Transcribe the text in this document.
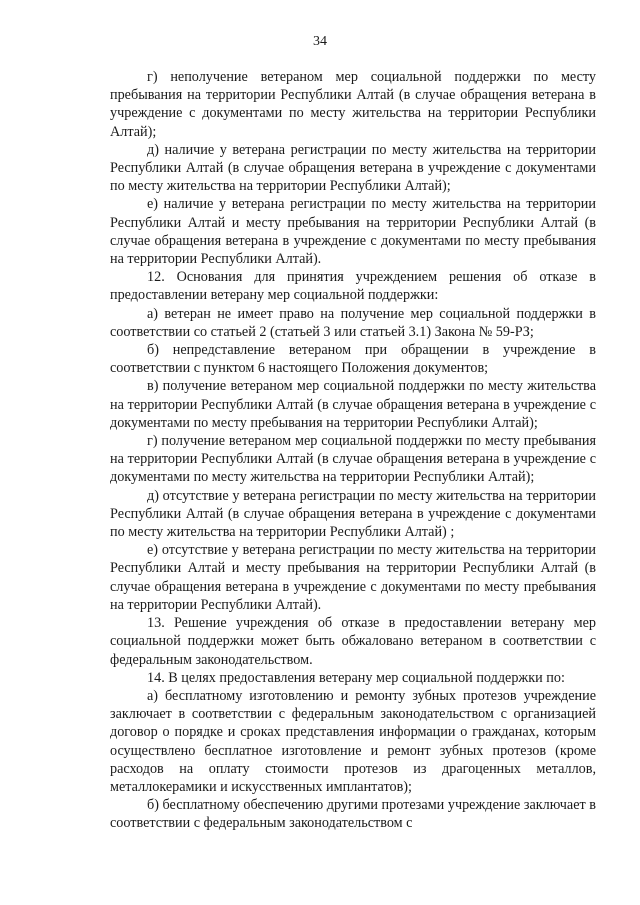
34

г) неполучение ветераном мер социальной поддержки по месту пребывания на территории Республики Алтай (в случае обращения ветерана в учреждение с документами по месту жительства на территории Республики Алтай);

д) наличие у ветерана регистрации по месту жительства на территории Республики Алтай (в случае обращения ветерана в учреждение с документами по месту жительства на территории Республики Алтай);

е) наличие у ветерана регистрации по месту жительства на территории Республики Алтай и месту пребывания на территории Республики Алтай (в случае обращения ветерана в учреждение с документами по месту пребывания на территории Республики Алтай).

12. Основания для принятия учреждением решения об отказе в предоставлении ветерану мер социальной поддержки:

а) ветеран не имеет право на получение мер социальной поддержки в соответствии со статьей 2 (статьей 3 или статьей 3.1) Закона № 59-РЗ;

б) непредставление ветераном при обращении в учреждение в соответствии с пунктом 6 настоящего Положения документов;

в) получение ветераном мер социальной поддержки по месту жительства на территории Республики Алтай (в случае обращения ветерана в учреждение с документами по месту пребывания на территории Республики Алтай);

г) получение ветераном мер социальной поддержки по месту пребывания на территории Республики Алтай (в случае обращения ветерана в учреждение с документами по месту жительства на территории Республики Алтай);

д) отсутствие у ветерана регистрации по месту жительства на территории Республики Алтай (в случае обращения ветерана в учреждение с документами по месту жительства на территории Республики Алтай) ;

е) отсутствие у ветерана регистрации по месту жительства на территории Республики Алтай и месту пребывания на территории Республики Алтай (в случае обращения ветерана в учреждение с документами по месту пребывания на территории Республики Алтай).

13. Решение учреждения об отказе в предоставлении ветерану мер социальной поддержки может быть обжаловано ветераном в соответствии с федеральным законодательством.

14. В целях предоставления ветерану мер социальной поддержки по:

а) бесплатному изготовлению и ремонту зубных протезов учреждение заключает в соответствии с федеральным законодательством с организацией договор о порядке и сроках представления информации о гражданах, которым осуществлено бесплатное изготовление и ремонт зубных протезов (кроме расходов на оплату стоимости протезов из драгоценных металлов, металлокерамики и искусственных имплантатов);

б) бесплатному обеспечению другими протезами учреждение заключает в соответствии с федеральным законодательством с
